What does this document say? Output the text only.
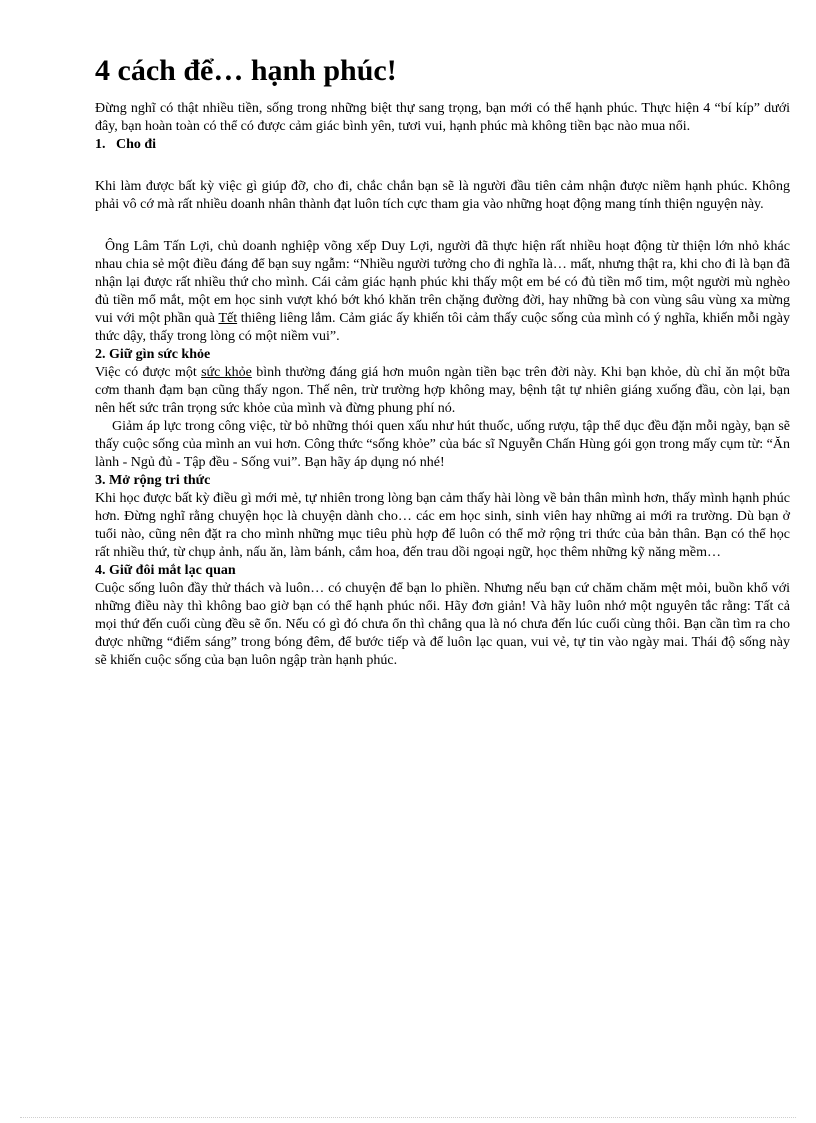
4 cách để… hạnh phúc!

Đừng nghĩ có thật nhiều tiền, sống trong những biệt thự sang trọng, bạn mới có thể hạnh phúc. Thực hiện 4 “bí kíp” dưới đây, bạn hoàn toàn có thể có được cảm giác bình yên, tươi vui, hạnh phúc mà không tiền bạc nào mua nổi.

1.   Cho đi

Khi làm được bất kỳ việc gì giúp đỡ, cho đi, chắc chắn bạn sẽ là người đầu tiên cảm nhận được niềm hạnh phúc. Không phải vô cớ mà rất nhiều doanh nhân thành đạt luôn tích cực tham gia vào những hoạt động mang tính thiện nguyện này.

Ông Lâm Tấn Lợi, chủ doanh nghiệp võng xếp Duy Lợi, người đã thực hiện rất nhiều hoạt động từ thiện lớn nhỏ khác nhau chia sẻ một điều đáng để bạn suy ngẫm: “Nhiều người tưởng cho đi nghĩa là… mất, nhưng thật ra, khi cho đi là bạn đã nhận lại được rất nhiều thứ cho mình. Cái cảm giác hạnh phúc khi thấy một em bé có đủ tiền mổ tim, một người mù nghèo đủ tiền mổ mắt, một em học sinh vượt khó bớt khó khăn trên chặng đường đời, hay những bà con vùng sâu vùng xa mừng vui với một phần quà Tết thiêng liêng lắm. Cảm giác ấy khiến tôi cảm thấy cuộc sống của mình có ý nghĩa, khiến mỗi ngày thức dậy, thấy trong lòng có một niềm vui”.

2. Giữ gìn sức khỏe

Việc có được một sức khỏe bình thường đáng giá hơn muôn ngàn tiền bạc trên đời này. Khi bạn khỏe, dù chỉ ăn một bữa cơm thanh đạm bạn cũng thấy ngon. Thế nên, trừ trường hợp không may, bệnh tật tự nhiên giáng xuống đầu, còn lại, bạn nên hết sức trân trọng sức khỏe của mình và đừng phung phí nó.

Giảm áp lực trong công việc, từ bỏ những thói quen xấu như hút thuốc, uống rượu, tập thể dục đều đặn mỗi ngày, bạn sẽ thấy cuộc sống của mình an vui hơn. Công thức “sống khỏe” của bác sĩ Nguyễn Chấn Hùng gói gọn trong mấy cụm từ: “Ăn lành - Ngủ đủ - Tập đều - Sống vui”. Bạn hãy áp dụng nó nhé!

3. Mở rộng tri thức

Khi học được bất kỳ điều gì mới mẻ, tự nhiên trong lòng bạn cảm thấy hài lòng về bản thân mình hơn, thấy mình hạnh phúc hơn. Đừng nghĩ rằng chuyện học là chuyện dành cho… các em học sinh, sinh viên hay những ai mới ra trường. Dù bạn ở tuổi nào, cũng nên đặt ra cho mình những mục tiêu phù hợp để luôn có thể mở rộng tri thức của bản thân. Bạn có thể học rất nhiều thứ, từ chụp ảnh, nấu ăn, làm bánh, cắm hoa, đến trau dồi ngoại ngữ, học thêm những kỹ năng mềm…

4. Giữ đôi mắt lạc quan

Cuộc sống luôn đầy thử thách và luôn… có chuyện để bạn lo phiền. Nhưng nếu bạn cứ chăm chăm mệt mỏi, buồn khổ với những điều này thì không bao giờ bạn có thể hạnh phúc nổi. Hãy đơn giản! Và hãy luôn nhớ một nguyên tắc rằng: Tất cả mọi thứ đến cuối cùng đều sẽ ổn. Nếu có gì đó chưa ổn thì chẳng qua là nó chưa đến lúc cuối cùng thôi. Bạn cần tìm ra cho được những “điểm sáng” trong bóng đêm, để bước tiếp và để luôn lạc quan, vui vẻ, tự tin vào ngày mai. Thái độ sống này sẽ khiến cuộc sống của bạn luôn ngập tràn hạnh phúc.
